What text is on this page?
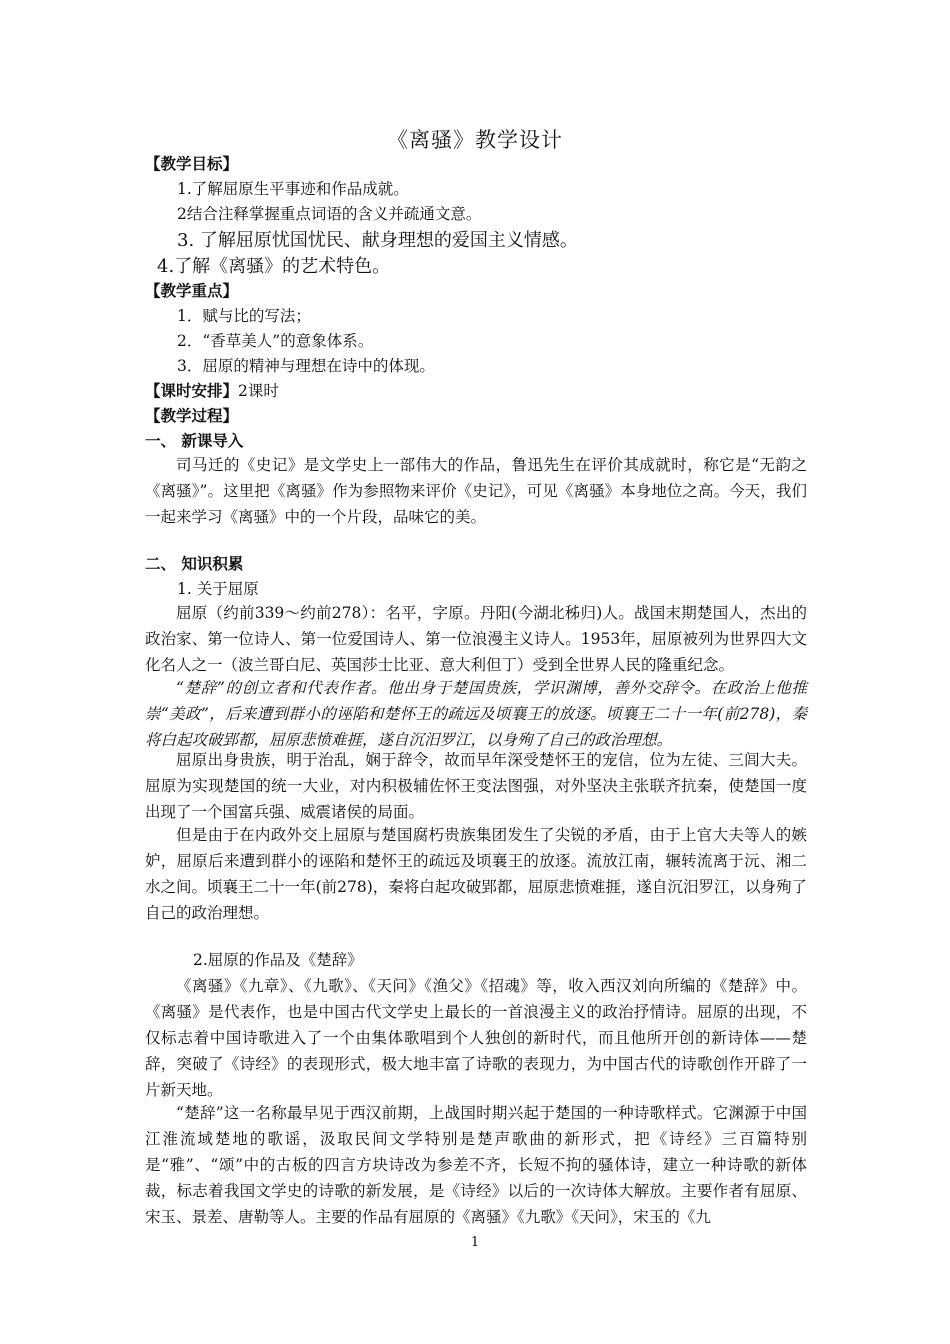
《离骚》教学设计
【教学目标】
1.了解屈原生平事迹和作品成就。
2结合注释掌握重点词语的含义并疏通文意。
3. 了解屈原忧国忧民、献身理想的爱国主义情感。
4.了解《离骚》的艺术特色。
【教学重点】
1．赋与比的写法；
2．“香草美人”的意象体系。
3．屈原的精神与理想在诗中的体现。
【课时安排】2课时
【教学过程】
一、 新课导入
司马迁的《史记》是文学史上一部伟大的作品，鲁迅先生在评价其成就时，称它是“无韵之《离骚》”。这里把《离骚》作为参照物来评价《史记》，可见《离骚》本身地位之高。今天，我们一起来学习《离骚》中的一个片段，品味它的美。
二、 知识积累
1. 关于屈原
屈原（约前339～约前278）：名平，字原。丹阳(今湖北秭归)人。战国末期楚国人，杰出的政治家、第一位诗人、第一位爱国诗人、第一位浪漫主义诗人。1953年，屈原被列为世界四大文化名人之一（波兰哥白尼、英国莎士比亚、意大利但丁）受到全世界人民的隆重纪念。
“楚辞”的创立者和代表作者。他出身于楚国贵族，学识渊博，善外交辞令。在政治上他推崇“美政”，后来遭到群小的诬陷和楚怀王的疏远及顷襄王的放逐。顷襄王二十一年(前278)，秦将白起攻破郢都，屈原悲愤难捱，遂自沉汨罗江，以身殉了自己的政治理想。
屈原出身贵族，明于治乱，娴于辞令，故而早年深受楚怀王的宠信，位为左徒、三闾大夫。屈原为实现楚国的统一大业，对内积极辅佐怀王变法图强，对外坚决主张联齐抗秦，使楚国一度出现了一个国富兵强、威震诸侯的局面。
但是由于在内政外交上屈原与楚国腐朽贵族集团发生了尖锐的矛盾，由于上官大夫等人的嫉妒，屈原后来遭到群小的诬陷和楚怀王的疏远及顷襄王的放逐。流放江南，辗转流离于沅、湘二水之间。顷襄王二十一年(前278)，秦将白起攻破郢都，屈原悲愤难捱，遂自沉汨罗江，以身殉了自己的政治理想。
2.屈原的作品及《楚辞》
《离骚》《九章》、《九歌》、《天问》《渔父》《招魂》等，收入西汉刘向所编的《楚辞》中。《离骚》是代表作，也是中国古代文学史上最长的一首浪漫主义的政治抒情诗。屈原的出现，不仅标志着中国诗歌进入了一个由集体歌唱到个人独创的新时代，而且他所开创的新诗体——楚辞，突破了《诗经》的表现形式，极大地丰富了诗歌的表现力，为中国古代的诗歌创作开辟了一片新天地。
“楚辞”这一名称最早见于西汉前期，上战国时期兴起于楚国的一种诗歌样式。它渊源于中国江淮流域楚地的歌谣，汲取民间文学特别是楚声歌曲的新形式，把《诗经》三百篇特别是“雅”、“颂”中的古板的四言方块诗改为参差不齐，长短不拘的骚体诗，建立一种诗歌的新体裁，标志着我国文学史的诗歌的新发展，是《诗经》以后的一次诗体大解放。主要作者有屈原、宋玉、景差、唐勒等人。主要的作品有屈原的《离骚》《九歌》《天问》，宋玉的《九
1
